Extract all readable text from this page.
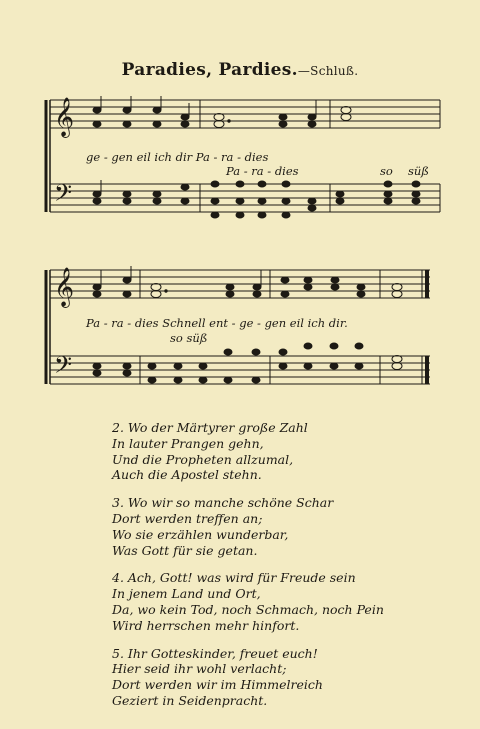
Paradies, Pardies.—Schluß.
𝄞
𝄢
𝄞
𝄢
ge - gen eil ich dir Pa - ra - dies
Pa - ra - dies	so süß
Pa - ra - dies Schnell ent - ge - gen eil ich dir.
so süß
2. Wo der Märtyrer große Zahl
In lauter Prangen gehn,
Und die Propheten allzumal,
Auch die Apostel stehn.
3. Wo wir so manche schöne Schar
Dort werden treffen an;
Wo sie erzählen wunderbar,
Was Gott für sie getan.
4. Ach, Gott! was wird für Freude sein
In jenem Land und Ort,
Da, wo kein Tod, noch Schmach, noch Pein
Wird herrschen mehr hinfort.
5. Ihr Gotteskinder, freuet euch!
Hier seid ihr wohl verlacht;
Dort werden wir im Himmelreich
Geziert in Seidenpracht.
